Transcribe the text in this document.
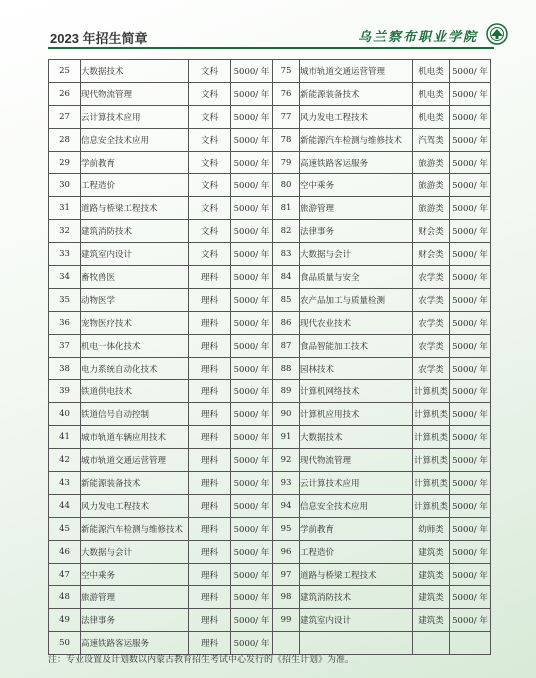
2023 年招生简章	乌兰察布职业学院
25	大数据技术	文科	5000/ 年	75	城市轨道交通运营管理	机电类	5000/ 年
26	现代物流管理	文科	5000/ 年	76	新能源装备技术	机电类	5000/ 年
27	云计算技术应用	文科	5000/ 年	77	风力发电工程技术	机电类	5000/ 年
28	信息安全技术应用	文科	5000/ 年	78	新能源汽车检测与维修技术	汽驾类	5000/ 年
29	学前教育	文科	5000/ 年	79	高速铁路客运服务	旅游类	5000/ 年
30	工程造价	文科	5000/ 年	80	空中乘务	旅游类	5000/ 年
31	道路与桥梁工程技术	文科	5000/ 年	81	旅游管理	旅游类	5000/ 年
32	建筑消防技术	文科	5000/ 年	82	法律事务	财会类	5000/ 年
33	建筑室内设计	文科	5000/ 年	83	大数据与会计	财会类	5000/ 年
34	畜牧兽医	理科	5000/ 年	84	食品质量与安全	农学类	5000/ 年
35	动物医学	理科	5000/ 年	85	农产品加工与质量检测	农学类	5000/ 年
36	宠物医疗技术	理科	5000/ 年	86	现代农业技术	农学类	5000/ 年
37	机电一体化技术	理科	5000/ 年	87	食品智能加工技术	农学类	5000/ 年
38	电力系统自动化技术	理科	5000/ 年	88	园林技术	农学类	5000/ 年
39	铁道供电技术	理科	5000/ 年	89	计算机网络技术	计算机类	5000/ 年
40	铁道信号自动控制	理科	5000/ 年	90	计算机应用技术	计算机类	5000/ 年
41	城市轨道车辆应用技术	理科	5000/ 年	91	大数据技术	计算机类	5000/ 年
42	城市轨道交通运营管理	理科	5000/ 年	92	现代物流管理	计算机类	5000/ 年
43	新能源装备技术	理科	5000/ 年	93	云计算技术应用	计算机类	5000/ 年
44	风力发电工程技术	理科	5000/ 年	94	信息安全技术应用	计算机类	5000/ 年
45	新能源汽车检测与维修技术	理科	5000/ 年	95	学前教育	幼师类	5000/ 年
46	大数据与会计	理科	5000/ 年	96	工程造价	建筑类	5000/ 年
47	空中乘务	理科	5000/ 年	97	道路与桥梁工程技术	建筑类	5000/ 年
48	旅游管理	理科	5000/ 年	98	建筑消防技术	建筑类	5000/ 年
49	法律事务	理科	5000/ 年	99	建筑室内设计	建筑类	5000/ 年
50	高速铁路客运服务	理科	5000/ 年				
注：专业设置及计划数以内蒙古教育招生考试中心发行的《招生计划》为准。
